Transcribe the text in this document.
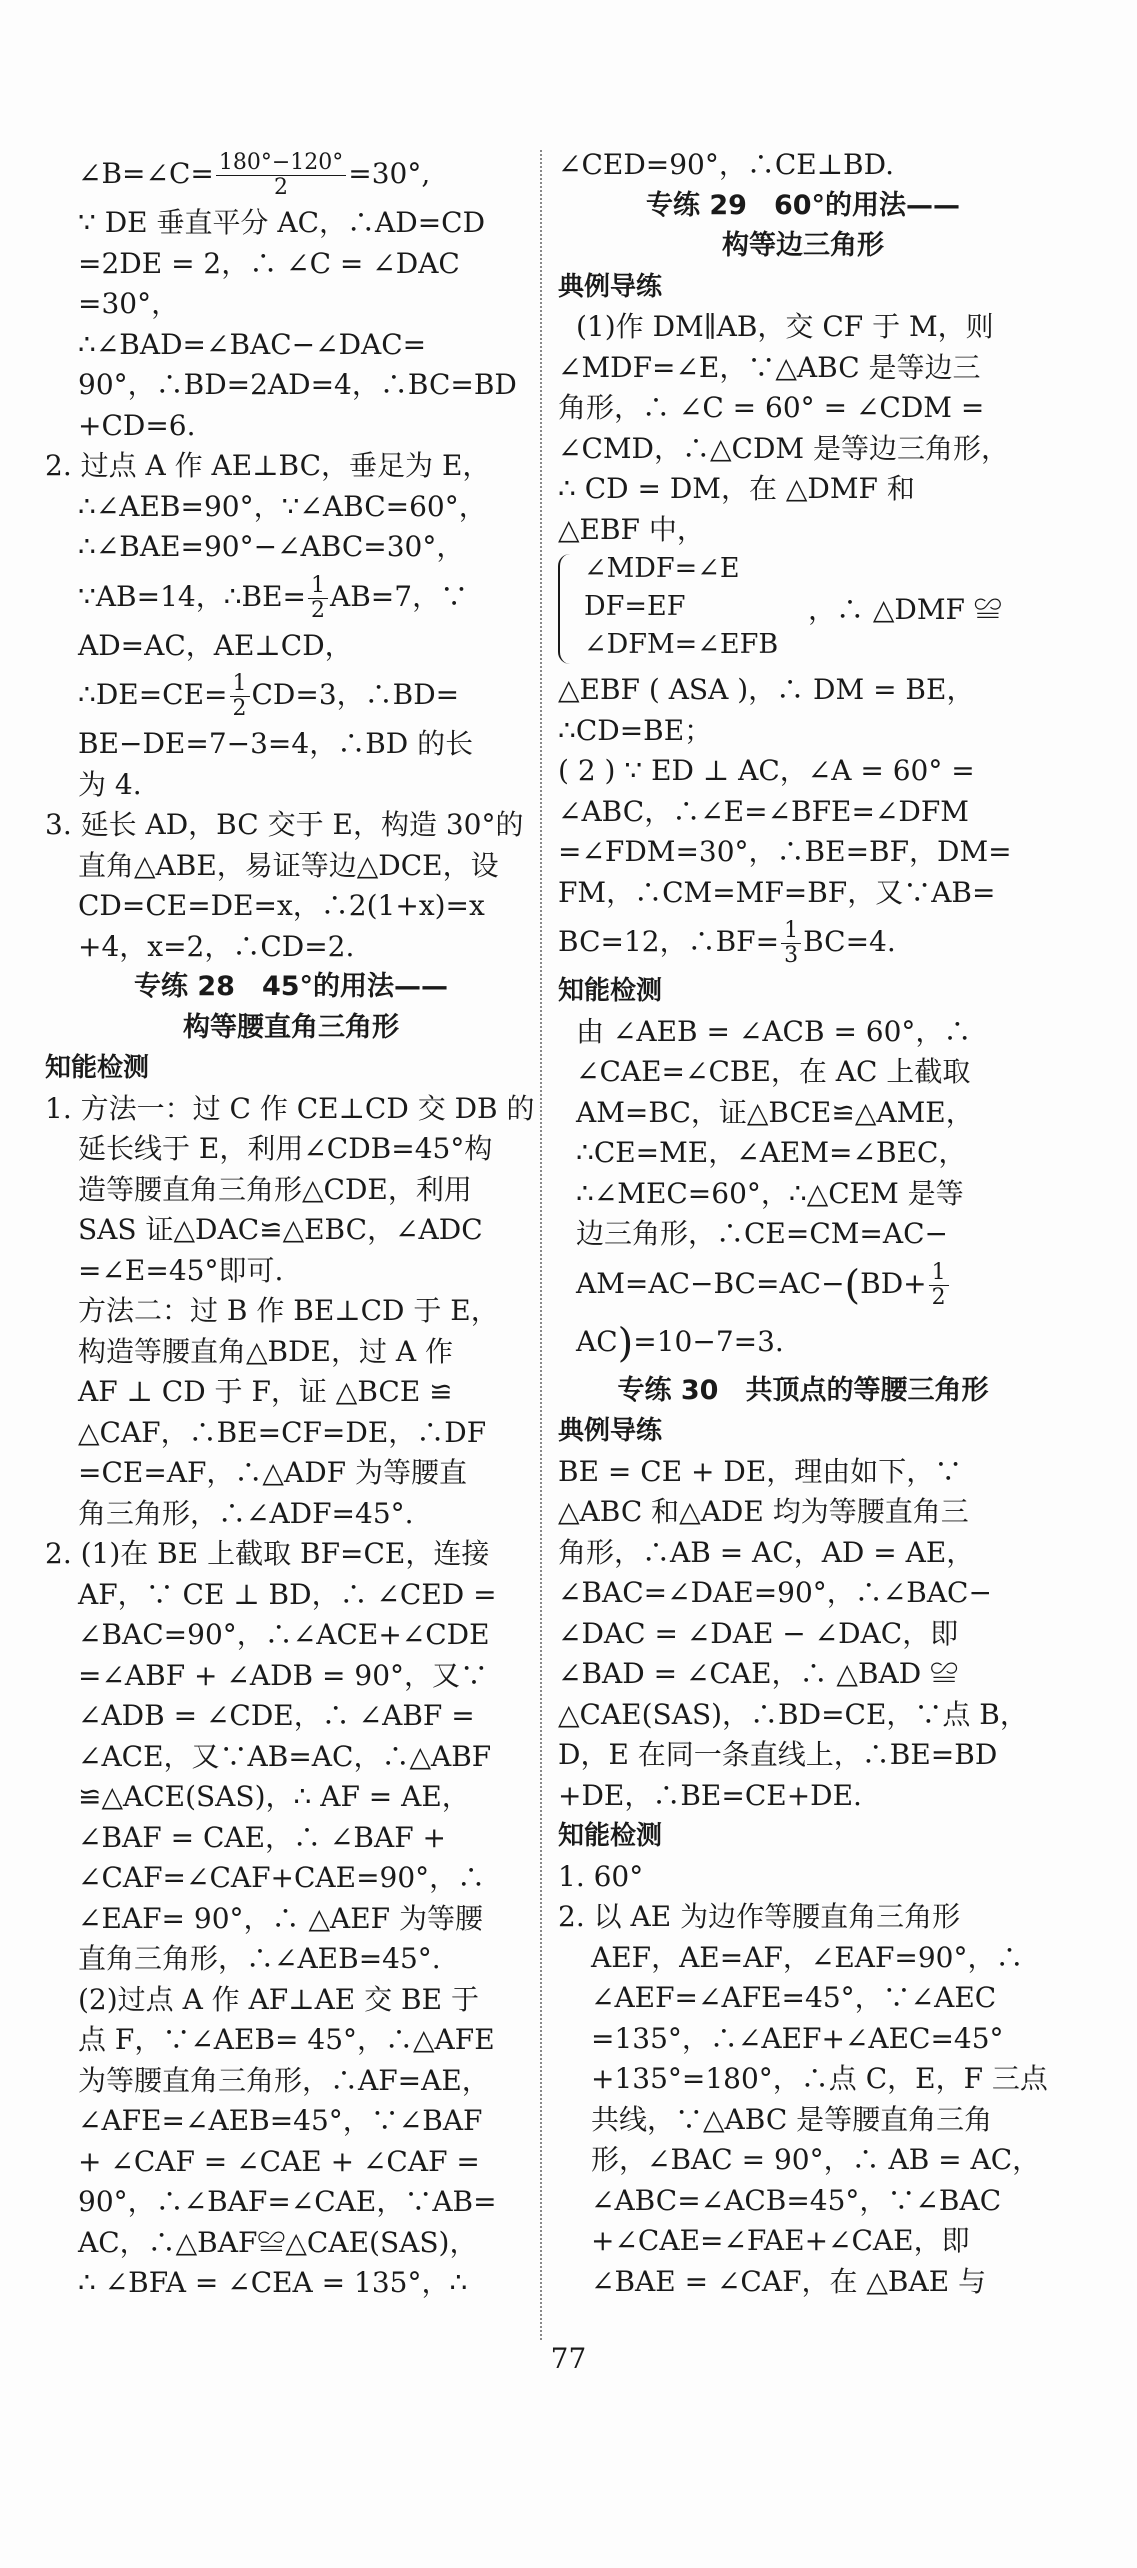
∠B=∠C= $\frac{180^\circ-120^\circ}{2} =30^\circ$,
∵ DE 垂直平分 AC，∴AD=CD
=2DE = 2，∴ ∠C = ∠DAC
=30°，
∴∠BAD=∠BAC−∠DAC=
90°，∴BD=2AD=4，∴BC=BD
+CD=6.
2. 过点 A 作 AE⊥BC，垂足为 E，
∴∠AEB=90°，∵∠ABC=60°，
∴∠BAE=90°−∠ABC=30°，
∵AB=14，∴BE= $\frac{1}{2} AB=7$，∵
AD=AC，AE⊥CD，
∴DE=CE= $\frac{1}{2} CD=3$，∴BD=
BE−DE=7−3=4，∴BD 的长
为 4.
3. 延长 AD，BC 交于 E，构造 30°的
直角△ABE，易证等边△DCE，设
CD=CE=DE=x，∴2(1+x)=x
+4，x=2，∴CD=2.
专练 28　45°的用法——
构等腰直角三角形
知能检测
1. 方法一：过 C 作 CE⊥CD 交 DB 的
延长线于 E，利用∠CDB=45°构
造等腰直角三角形△CDE，利用
SAS 证△DAC≌△EBC，∠ADC
=∠E=45°即可.
方法二：过 B 作 BE⊥CD 于 E，
构造等腰直角△BDE，过 A 作
AF ⊥ CD 于 F，证 △BCE ≌
△CAF，∴BE=CF=DE，∴DF
=CE=AF，∴△ADF 为等腰直
角三角形，∴∠ADF=45°.
2. (1)在 BE 上截取 BF=CE，连接
AF，∵ CE ⊥ BD，∴ ∠CED =
∠BAC=90°，∴∠ACE+∠CDE
=∠ABF + ∠ADB = 90°，又∵
∠ADB = ∠CDE，∴ ∠ABF =
∠ACE，又∵AB=AC，∴△ABF
≌△ACE(SAS)，∴ AF = AE，
∠BAF = CAE，∴ ∠BAF +
∠CAF=∠CAF+CAE=90°，∴
∠EAF= 90°，∴ △AEF 为等腰
直角三角形，∴∠AEB=45°.
(2)过点 A 作 AF⊥AE 交 BE 于
点 F，∵∠AEB= 45°，∴△AFE
为等腰直角三角形，∴AF=AE，
∠AFE=∠AEB=45°，∵∠BAF
+ ∠CAF = ∠CAE + ∠CAF =
90°，∴∠BAF=∠CAE，∵AB=
AC，∴△BAF≌△CAE(SAS)，
∴ ∠BFA = ∠CEA = 135°，∴
∠CED=90°，∴CE⊥BD.
专练 29　60°的用法——
构等边三角形
典例导练
(1)作 DM∥AB，交 CF 于 M，则
∠MDF=∠E，∵△ABC 是等边三
角形，∴ ∠C = 60° = ∠CDM =
∠CMD，∴△CDM 是等边三角形，
∴ CD = DM，在 △DMF 和
△EBF 中，
∠MDF=∠E
DF=EF
∠DFM=∠EFB
，∴ △DMF ≌
△EBF ( ASA )，∴ DM = BE，
∴CD=BE；
( 2 ) ∵ ED ⊥ AC，∠A = 60° =
∠ABC，∴∠E=∠BFE=∠DFM
=∠FDM=30°，∴BE=BF，DM=
FM，∴CM=MF=BF，又∵AB=
BC=12，∴BF= $\frac{1}{3} BC=4$.
知能检测
由 ∠AEB = ∠ACB = 60°，∴
∠CAE=∠CBE，在 AC 上截取
AM=BC，证△BCE≌△AME，
∴CE=ME，∠AEM=∠BEC，
∴∠MEC=60°，∴△CEM 是等
边三角形，∴CE=CM=AC−
$AM=AC-BC=AC-(BD+ \frac{1}{2}$
AC)=10−7=3.
专练 30　共顶点的等腰三角形
典例导练
BE = CE + DE，理由如下，∵
△ABC 和△ADE 均为等腰直角三
角形，∴AB = AC，AD = AE，
∠BAC=∠DAE=90°，∴∠BAC−
∠DAC = ∠DAE − ∠DAC，即
∠BAD = ∠CAE，∴ △BAD ≌
△CAE(SAS)，∴BD=CE，∵点 B，
D，E 在同一条直线上，∴BE=BD
+DE，∴BE=CE+DE.
知能检测
1. 60°
2. 以 AE 为边作等腰直角三角形
AEF，AE=AF，∠EAF=90°，∴
∠AEF=∠AFE=45°，∵∠AEC
=135°，∴∠AEF+∠AEC=45°
+135°=180°，∴点 C，E，F 三点
共线，∵△ABC 是等腰直角三角
形，∠BAC = 90°，∴ AB = AC，
∠ABC=∠ACB=45°，∵∠BAC
+∠CAE=∠FAE+∠CAE，即
∠BAE = ∠CAF，在 △BAE 与
77
